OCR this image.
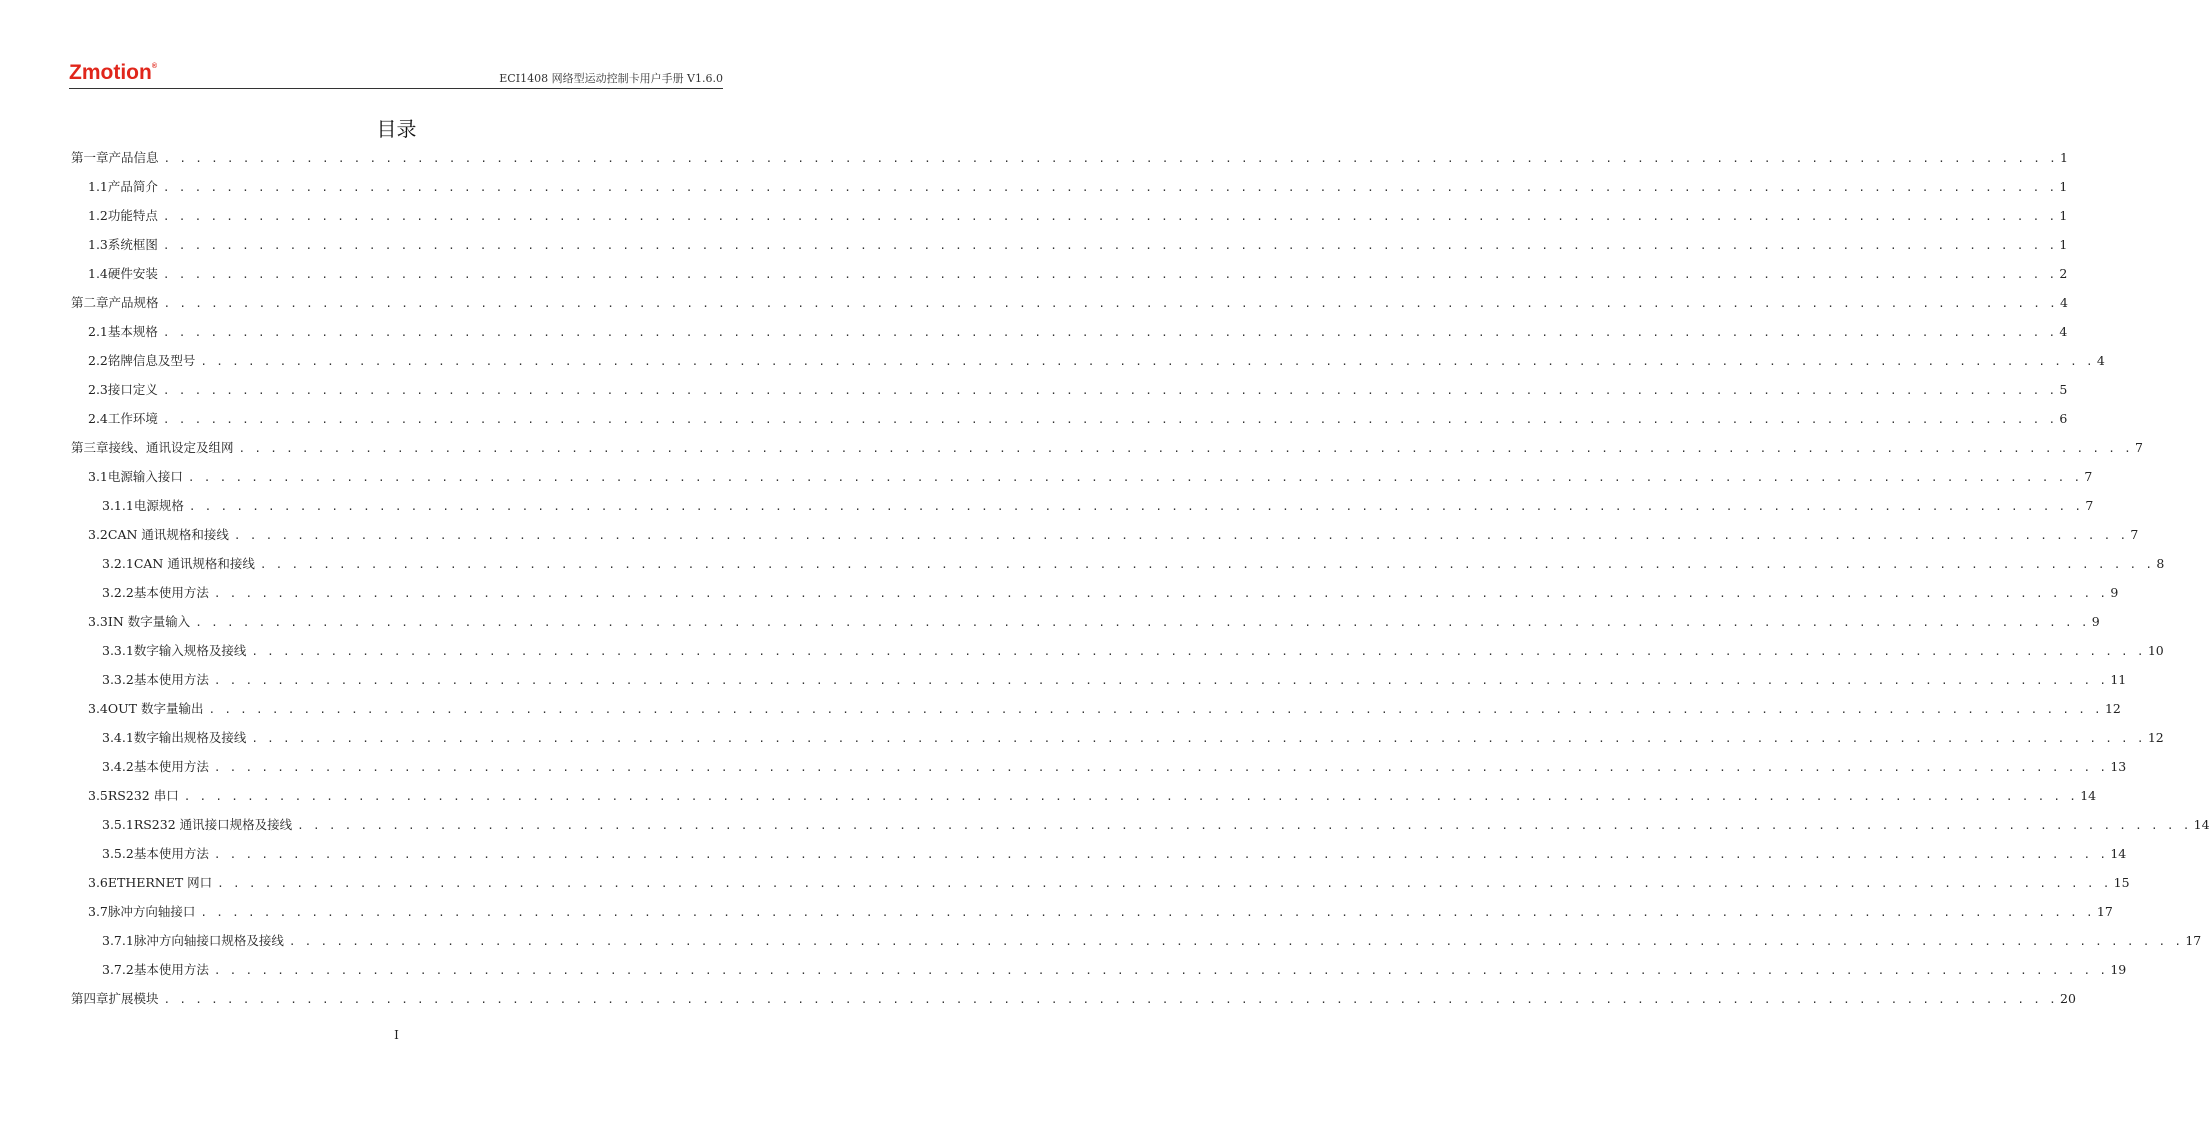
Zmotion®
ECI1408 网络型运动控制卡用户手册 V1.6.0
目录
第一章 产品信息 . . . . . . . . . . . . . . . . . . . . . . . . . . . . . . . . . . . . . . . . . . . . . . . . . . . . . . . . . . . . . . . . . . . . . . . . . . . . . . . . . . . . . . . . . . . . . . . . . . . . . . . . . . . . . . . . . . . . . . . . 1
1.1 产品简介 . . . . . . . . . . . . . . . . . . . . . . . . . . . . . . . . . . . . . . . . . . . . . . . . . . . . . . . . . . . . . . . . . . . . . . . . . . . . . . . . . . . . . . . . . . . . . . . . . . . . . . . . . . . . . . . . . . . . . . . . 1
1.2 功能特点 . . . . . . . . . . . . . . . . . . . . . . . . . . . . . . . . . . . . . . . . . . . . . . . . . . . . . . . . . . . . . . . . . . . . . . . . . . . . . . . . . . . . . . . . . . . . . . . . . . . . . . . . . . . . . . . . . . . . . . . . 1
1.3 系统框图 . . . . . . . . . . . . . . . . . . . . . . . . . . . . . . . . . . . . . . . . . . . . . . . . . . . . . . . . . . . . . . . . . . . . . . . . . . . . . . . . . . . . . . . . . . . . . . . . . . . . . . . . . . . . . . . . . . . . . . . . 1
1.4 硬件安装 . . . . . . . . . . . . . . . . . . . . . . . . . . . . . . . . . . . . . . . . . . . . . . . . . . . . . . . . . . . . . . . . . . . . . . . . . . . . . . . . . . . . . . . . . . . . . . . . . . . . . . . . . . . . . . . . . . . . . . . . 2
第二章 产品规格 . . . . . . . . . . . . . . . . . . . . . . . . . . . . . . . . . . . . . . . . . . . . . . . . . . . . . . . . . . . . . . . . . . . . . . . . . . . . . . . . . . . . . . . . . . . . . . . . . . . . . . . . . . . . . . . . . . . . . . . . 4
2.1 基本规格 . . . . . . . . . . . . . . . . . . . . . . . . . . . . . . . . . . . . . . . . . . . . . . . . . . . . . . . . . . . . . . . . . . . . . . . . . . . . . . . . . . . . . . . . . . . . . . . . . . . . . . . . . . . . . . . . . . . . . . . . 4
2.2 铭牌信息及型号 . . . . . . . . . . . . . . . . . . . . . . . . . . . . . . . . . . . . . . . . . . . . . . . . . . . . . . . . . . . . . . . . . . . . . . . . . . . . . . . . . . . . . . . . . . . . . . . . . . . . . . . . . . . . . . . . . . . . . . . . 4
2.3 接口定义 . . . . . . . . . . . . . . . . . . . . . . . . . . . . . . . . . . . . . . . . . . . . . . . . . . . . . . . . . . . . . . . . . . . . . . . . . . . . . . . . . . . . . . . . . . . . . . . . . . . . . . . . . . . . . . . . . . . . . . . . 5
2.4 工作环境 . . . . . . . . . . . . . . . . . . . . . . . . . . . . . . . . . . . . . . . . . . . . . . . . . . . . . . . . . . . . . . . . . . . . . . . . . . . . . . . . . . . . . . . . . . . . . . . . . . . . . . . . . . . . . . . . . . . . . . . . 6
第三章 接线、通讯设定及组网 . . . . . . . . . . . . . . . . . . . . . . . . . . . . . . . . . . . . . . . . . . . . . . . . . . . . . . . . . . . . . . . . . . . . . . . . . . . . . . . . . . . . . . . . . . . . . . . . . . . . . . . . . . . . . . . . . . . . . . . . 7
3.1 电源输入接口 . . . . . . . . . . . . . . . . . . . . . . . . . . . . . . . . . . . . . . . . . . . . . . . . . . . . . . . . . . . . . . . . . . . . . . . . . . . . . . . . . . . . . . . . . . . . . . . . . . . . . . . . . . . . . . . . . . . . . . . . 7
3.1.1 电源规格 . . . . . . . . . . . . . . . . . . . . . . . . . . . . . . . . . . . . . . . . . . . . . . . . . . . . . . . . . . . . . . . . . . . . . . . . . . . . . . . . . . . . . . . . . . . . . . . . . . . . . . . . . . . . . . . . . . . . . . . . 7
3.2 CAN 通讯规格和接线 . . . . . . . . . . . . . . . . . . . . . . . . . . . . . . . . . . . . . . . . . . . . . . . . . . . . . . . . . . . . . . . . . . . . . . . . . . . . . . . . . . . . . . . . . . . . . . . . . . . . . . . . . . . . . . . . . . . . . . . . 7
3.2.1 CAN 通讯规格和接线 . . . . . . . . . . . . . . . . . . . . . . . . . . . . . . . . . . . . . . . . . . . . . . . . . . . . . . . . . . . . . . . . . . . . . . . . . . . . . . . . . . . . . . . . . . . . . . . . . . . . . . . . . . . . . . . . . . . . . . . . 8
3.2.2 基本使用方法 . . . . . . . . . . . . . . . . . . . . . . . . . . . . . . . . . . . . . . . . . . . . . . . . . . . . . . . . . . . . . . . . . . . . . . . . . . . . . . . . . . . . . . . . . . . . . . . . . . . . . . . . . . . . . . . . . . . . . . . . 9
3.3 IN 数字量输入 . . . . . . . . . . . . . . . . . . . . . . . . . . . . . . . . . . . . . . . . . . . . . . . . . . . . . . . . . . . . . . . . . . . . . . . . . . . . . . . . . . . . . . . . . . . . . . . . . . . . . . . . . . . . . . . . . . . . . . . . 9
3.3.1 数字输入规格及接线 . . . . . . . . . . . . . . . . . . . . . . . . . . . . . . . . . . . . . . . . . . . . . . . . . . . . . . . . . . . . . . . . . . . . . . . . . . . . . . . . . . . . . . . . . . . . . . . . . . . . . . . . . . . . . . . . . . . . . . . . 10
3.3.2 基本使用方法 . . . . . . . . . . . . . . . . . . . . . . . . . . . . . . . . . . . . . . . . . . . . . . . . . . . . . . . . . . . . . . . . . . . . . . . . . . . . . . . . . . . . . . . . . . . . . . . . . . . . . . . . . . . . . . . . . . . . . . . . 11
3.4 OUT 数字量输出 . . . . . . . . . . . . . . . . . . . . . . . . . . . . . . . . . . . . . . . . . . . . . . . . . . . . . . . . . . . . . . . . . . . . . . . . . . . . . . . . . . . . . . . . . . . . . . . . . . . . . . . . . . . . . . . . . . . . . . . . 12
3.4.1 数字输出规格及接线 . . . . . . . . . . . . . . . . . . . . . . . . . . . . . . . . . . . . . . . . . . . . . . . . . . . . . . . . . . . . . . . . . . . . . . . . . . . . . . . . . . . . . . . . . . . . . . . . . . . . . . . . . . . . . . . . . . . . . . . . 12
3.4.2 基本使用方法 . . . . . . . . . . . . . . . . . . . . . . . . . . . . . . . . . . . . . . . . . . . . . . . . . . . . . . . . . . . . . . . . . . . . . . . . . . . . . . . . . . . . . . . . . . . . . . . . . . . . . . . . . . . . . . . . . . . . . . . . 13
3.5 RS232 串口 . . . . . . . . . . . . . . . . . . . . . . . . . . . . . . . . . . . . . . . . . . . . . . . . . . . . . . . . . . . . . . . . . . . . . . . . . . . . . . . . . . . . . . . . . . . . . . . . . . . . . . . . . . . . . . . . . . . . . . . . 14
3.5.1 RS232 通讯接口规格及接线 . . . . . . . . . . . . . . . . . . . . . . . . . . . . . . . . . . . . . . . . . . . . . . . . . . . . . . . . . . . . . . . . . . . . . . . . . . . . . . . . . . . . . . . . . . . . . . . . . . . . . . . . . . . . . . . . . . . . . . . . 14
3.5.2 基本使用方法 . . . . . . . . . . . . . . . . . . . . . . . . . . . . . . . . . . . . . . . . . . . . . . . . . . . . . . . . . . . . . . . . . . . . . . . . . . . . . . . . . . . . . . . . . . . . . . . . . . . . . . . . . . . . . . . . . . . . . . . . 14
3.6 ETHERNET 网口 . . . . . . . . . . . . . . . . . . . . . . . . . . . . . . . . . . . . . . . . . . . . . . . . . . . . . . . . . . . . . . . . . . . . . . . . . . . . . . . . . . . . . . . . . . . . . . . . . . . . . . . . . . . . . . . . . . . . . . . . 15
3.7 脉冲方向轴接口 . . . . . . . . . . . . . . . . . . . . . . . . . . . . . . . . . . . . . . . . . . . . . . . . . . . . . . . . . . . . . . . . . . . . . . . . . . . . . . . . . . . . . . . . . . . . . . . . . . . . . . . . . . . . . . . . . . . . . . . . 17
3.7.1 脉冲方向轴接口规格及接线 . . . . . . . . . . . . . . . . . . . . . . . . . . . . . . . . . . . . . . . . . . . . . . . . . . . . . . . . . . . . . . . . . . . . . . . . . . . . . . . . . . . . . . . . . . . . . . . . . . . . . . . . . . . . . . . . . . . . . . . . 17
3.7.2 基本使用方法 . . . . . . . . . . . . . . . . . . . . . . . . . . . . . . . . . . . . . . . . . . . . . . . . . . . . . . . . . . . . . . . . . . . . . . . . . . . . . . . . . . . . . . . . . . . . . . . . . . . . . . . . . . . . . . . . . . . . . . . . 19
第四章 扩展模块 . . . . . . . . . . . . . . . . . . . . . . . . . . . . . . . . . . . . . . . . . . . . . . . . . . . . . . . . . . . . . . . . . . . . . . . . . . . . . . . . . . . . . . . . . . . . . . . . . . . . . . . . . . . . . . . . . . . . . . . . 20
I
